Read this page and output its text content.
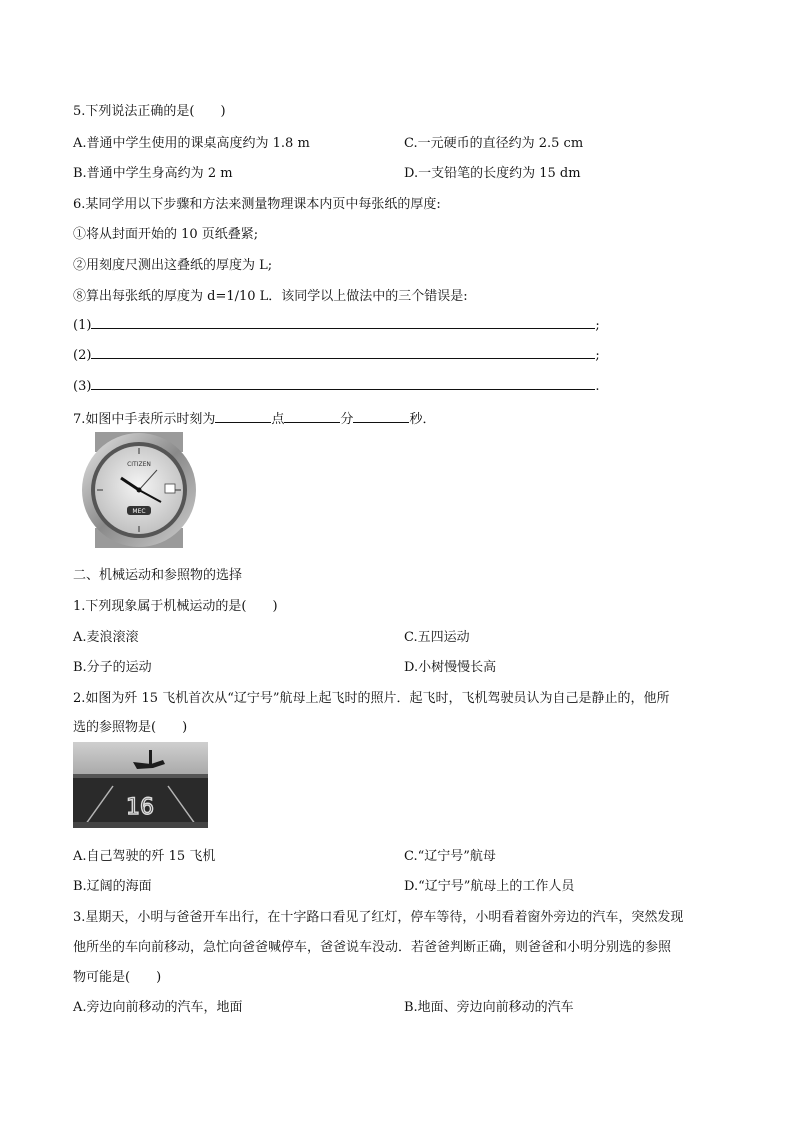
5.下列说法正确的是(　　)
A.普通中学生使用的课桌高度约为 1.8 m	C.一元硬币的直径约为 2.5 cm
B.普通中学生身高约为 2 m	D.一支铅笔的长度约为 15 dm
6.某同学用以下步骤和方法来测量物理课本内页中每张纸的厚度:
①将从封面开始的 10 页纸叠紧;
②用刻度尺测出这叠纸的厚度为 L;
⑧算出每张纸的厚度为 d=1/10 L．该同学以上做法中的三个错误是:
(1)	;
(2)	;
(3)	.
7.如图中手表所示时刻为	点	分	秒．
MEC
CITIZEN
二、机械运动和参照物的选择
1.下列现象属于机械运动的是(　　)
A.麦浪滚滚	C.五四运动
B.分子的运动	D.小树慢慢长高
2.如图为歼 15 飞机首次从“辽宁号”航母上起飞时的照片．起飞时，飞机驾驶员认为自己是静止的，他所
选的参照物是(　　)
16
A.自己驾驶的歼 15 飞机	C.“辽宁号”航母
B.辽阔的海面	D.“辽宁号”航母上的工作人员
3.星期天，小明与爸爸开车出行，在十字路口看见了红灯，停车等待，小明看着窗外旁边的汽车，突然发现
他所坐的车向前移动，急忙向爸爸喊停车，爸爸说车没动．若爸爸判断正确，则爸爸和小明分别选的参照
物可能是(　　)
A.旁边向前移动的汽车，地面	B.地面、旁边向前移动的汽车
